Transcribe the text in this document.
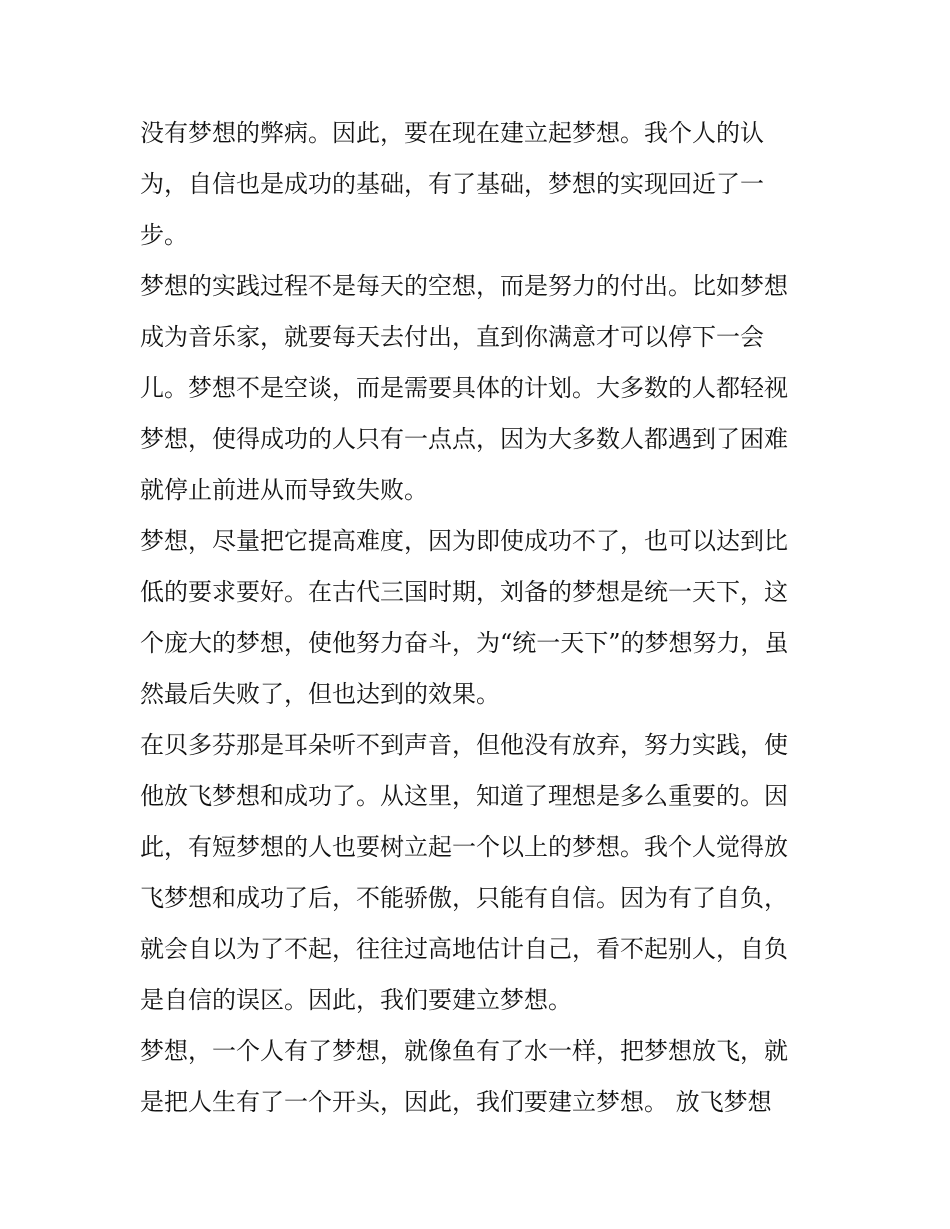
没有梦想的弊病。因此，要在现在建立起梦想。我个人的认
为，自信也是成功的基础，有了基础，梦想的实现回近了一
步。
梦想的实践过程不是每天的空想，而是努力的付出。比如梦想
成为音乐家，就要每天去付出，直到你满意才可以停下一会
儿。梦想不是空谈，而是需要具体的计划。大多数的人都轻视
梦想，使得成功的人只有一点点，因为大多数人都遇到了困难
就停止前进从而导致失败。
梦想，尽量把它提高难度，因为即使成功不了，也可以达到比
低的要求要好。在古代三国时期，刘备的梦想是统一天下，这
个庞大的梦想，使他努力奋斗，为“统一天下”的梦想努力，虽
然最后失败了，但也达到的效果。
在贝多芬那是耳朵听不到声音，但他没有放弃，努力实践，使
他放飞梦想和成功了。从这里，知道了理想是多么重要的。因
此，有短梦想的人也要树立起一个以上的梦想。我个人觉得放
飞梦想和成功了后，不能骄傲，只能有自信。因为有了自负，
就会自以为了不起，往往过高地估计自己，看不起别人，自负
是自信的误区。因此，我们要建立梦想。
梦想，一个人有了梦想，就像鱼有了水一样，把梦想放飞，就
是把人生有了一个开头，因此，我们要建立梦想。 放飞梦想
